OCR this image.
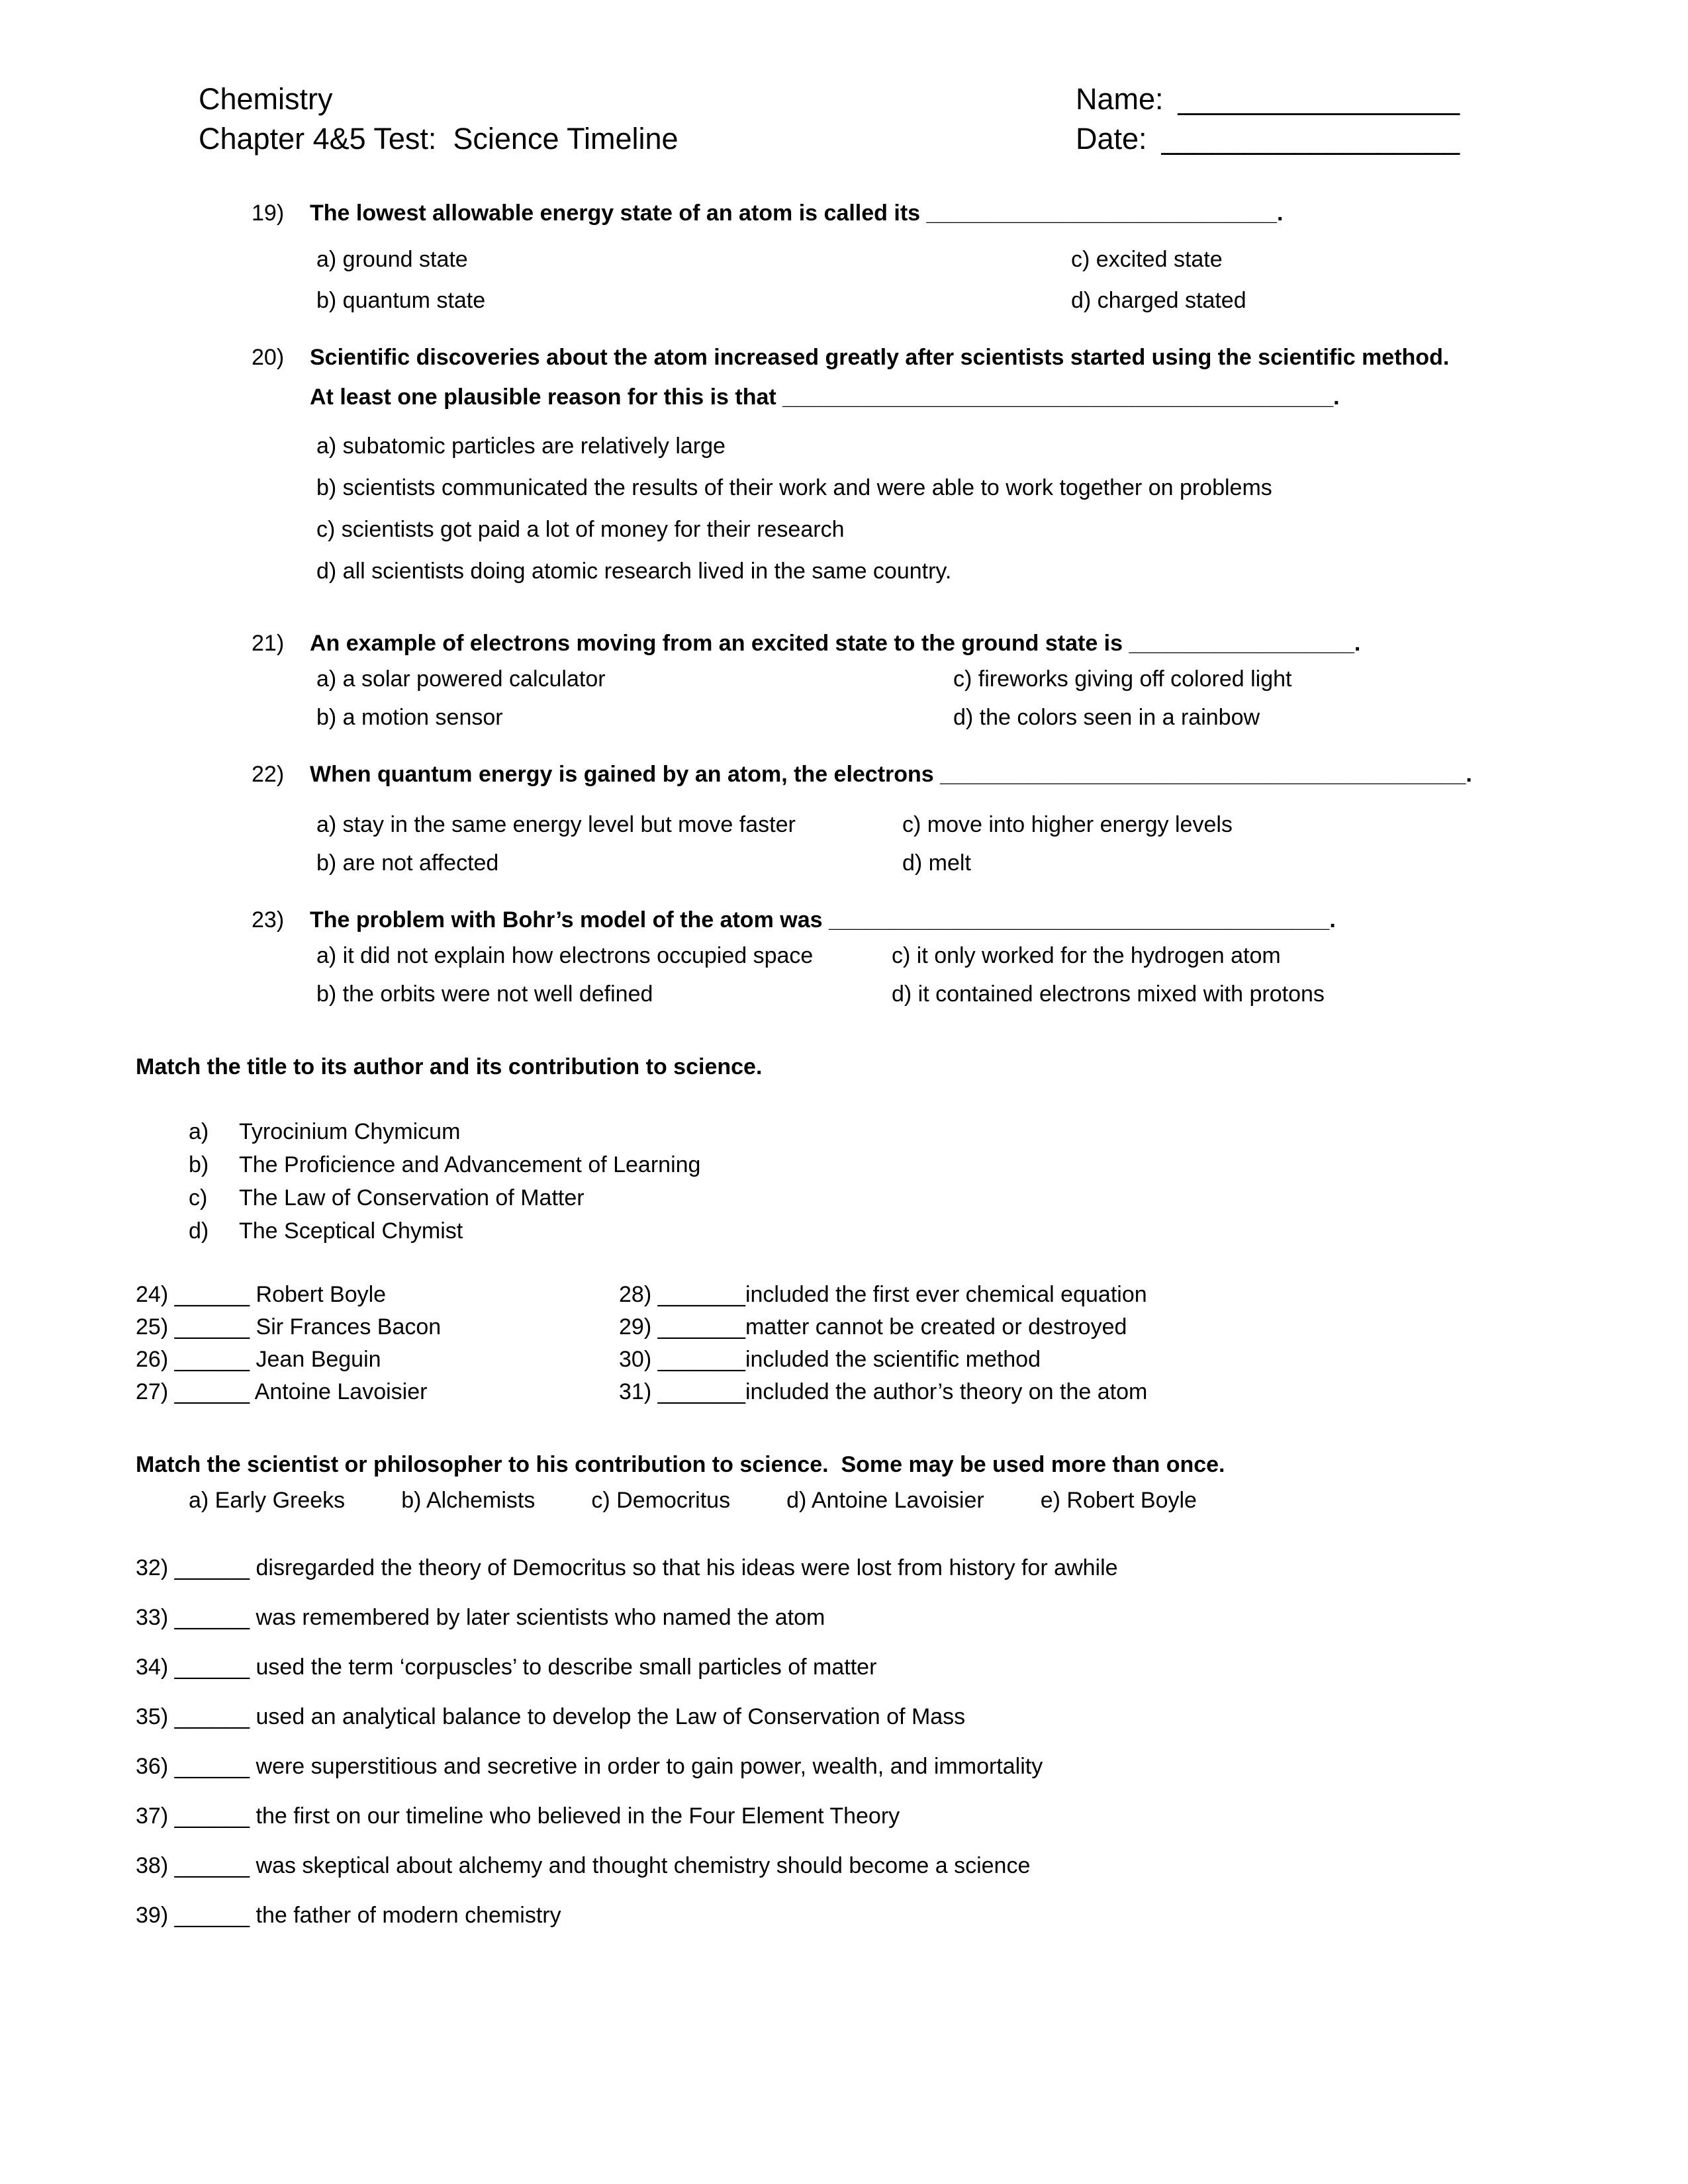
Chemistry
Chapter 4&5 Test:  Science Timeline
Name: _________________
Date: __________________
19)	The lowest allowable energy state of an atom is called its ____________________________.
a) ground state	c) excited state
b) quantum state	d) charged stated
20)	Scientific discoveries about the atom increased greatly after scientists started using the scientific method.
At least one plausible reason for this is that ____________________________________________.
a) subatomic particles are relatively large
b) scientists communicated the results of their work and were able to work together on problems
c) scientists got paid a lot of money for their research
d) all scientists doing atomic research lived in the same country.
21)	An example of electrons moving from an excited state to the ground state is __________________.
a) a solar powered calculator	c) fireworks giving off colored light
b) a motion sensor	d) the colors seen in a rainbow
22)	When quantum energy is gained by an atom, the electrons __________________________________________.
a) stay in the same energy level but move faster	c) move into higher energy levels
b) are not affected	d) melt
23)	The problem with Bohr’s model of the atom was ________________________________________.
a) it did not explain how electrons occupied space	c) it only worked for the hydrogen atom
b) the orbits were not well defined	d) it contained electrons mixed with protons
Match the title to its author and its contribution to science.
a)	Tyrocinium Chymicum
b)	The Proficience and Advancement of Learning
c)	The Law of Conservation of Matter
d)	The Sceptical Chymist
24) ______ Robert Boyle	28) _______included the first ever chemical equation
25) ______ Sir Frances Bacon	29) _______matter cannot be created or destroyed
26) ______ Jean Beguin	30) _______included the scientific method
27) ______ Antoine Lavoisier	31) _______included the author’s theory on the atom
Match the scientist or philosopher to his contribution to science.  Some may be used more than once.
a) Early Greeks	b) Alchemists	c) Democritus	d) Antoine Lavoisier	e) Robert Boyle
32) ______ disregarded the theory of Democritus so that his ideas were lost from history for awhile
33) ______ was remembered by later scientists who named the atom
34) ______ used the term ‘corpuscles’ to describe small particles of matter
35) ______ used an analytical balance to develop the Law of Conservation of Mass
36) ______ were superstitious and secretive in order to gain power, wealth, and immortality
37) ______ the first on our timeline who believed in the Four Element Theory
38) ______ was skeptical about alchemy and thought chemistry should become a science
39) ______ the father of modern chemistry
